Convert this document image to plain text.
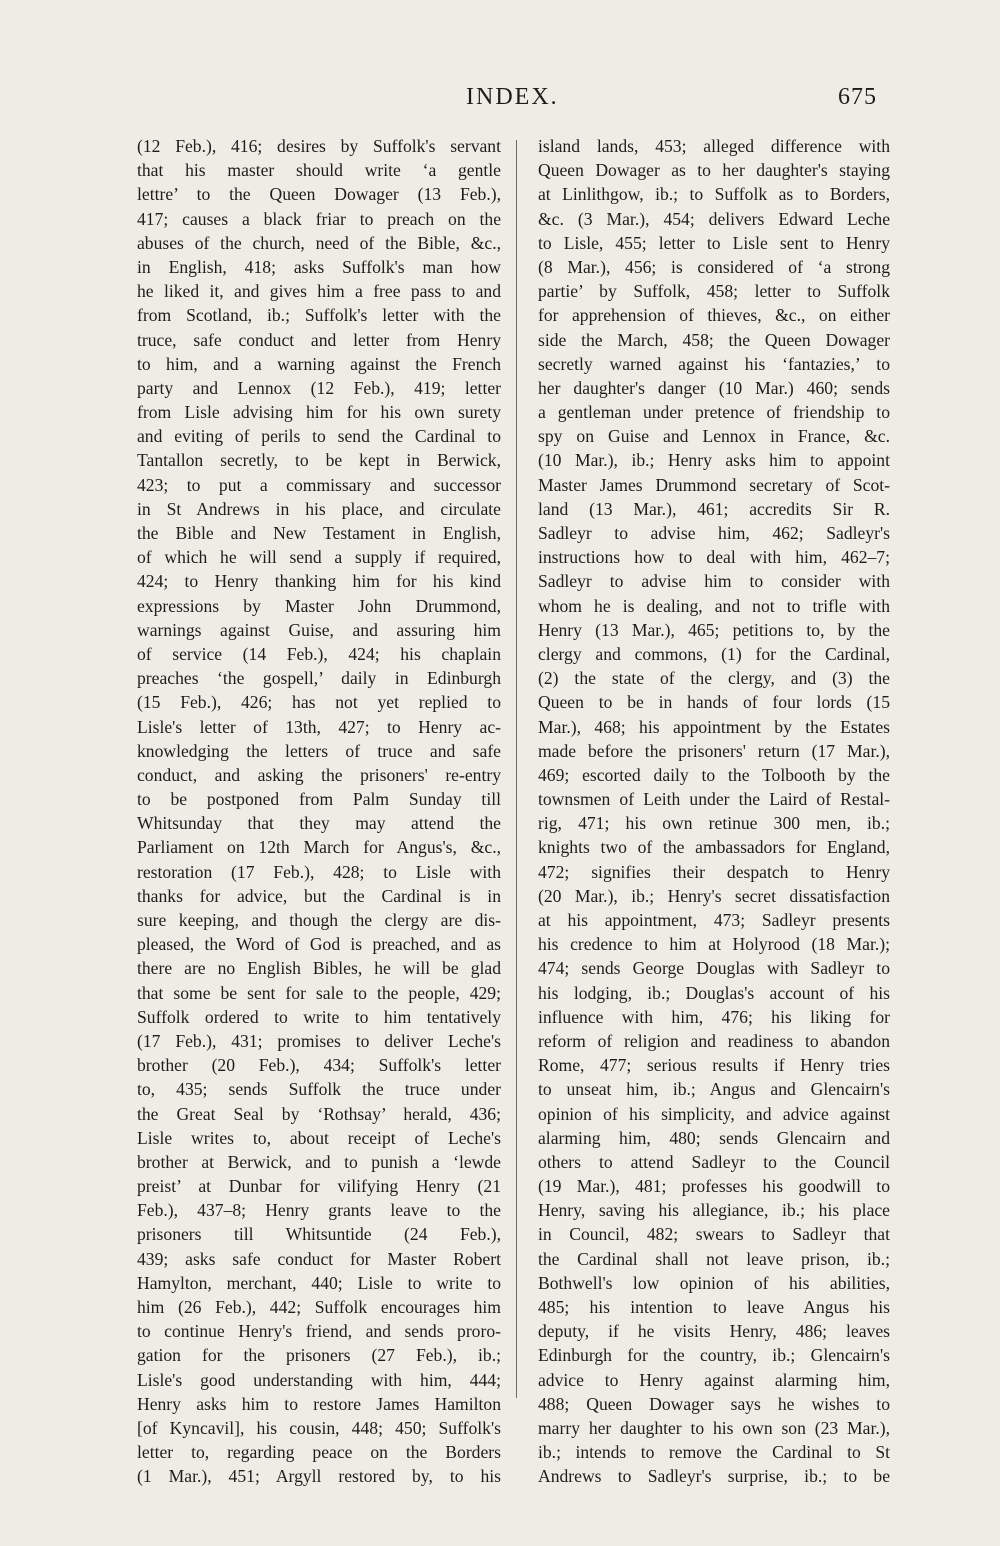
INDEX.	675
(12 Feb.), 416; desires by Suffolk's servant
that his master should write ‘a gentle
lettre’ to the Queen Dowager (13 Feb.),
417; causes a black friar to preach on the
abuses of the church, need of the Bible, &c.,
in English, 418; asks Suffolk's man how
he liked it, and gives him a free pass to and
from Scotland, ib.; Suffolk's letter with the
truce, safe conduct and letter from Henry
to him, and a warning against the French
party and Lennox (12 Feb.), 419; letter
from Lisle advising him for his own surety
and eviting of perils to send the Cardinal to
Tantallon secretly, to be kept in Berwick,
423; to put a commissary and successor
in St Andrews in his place, and circulate
the Bible and New Testament in English,
of which he will send a supply if required,
424; to Henry thanking him for his kind
expressions by Master John Drummond,
warnings against Guise, and assuring him
of service (14 Feb.), 424; his chaplain
preaches ‘the gospell,’ daily in Edinburgh
(15 Feb.), 426; has not yet replied to
Lisle's letter of 13th, 427; to Henry ac-
knowledging the letters of truce and safe
conduct, and asking the prisoners' re-entry
to be postponed from Palm Sunday till
Whitsunday that they may attend the
Parliament on 12th March for Angus's, &c.,
restoration (17 Feb.), 428; to Lisle with
thanks for advice, but the Cardinal is in
sure keeping, and though the clergy are dis-
pleased, the Word of God is preached, and as
there are no English Bibles, he will be glad
that some be sent for sale to the people, 429;
Suffolk ordered to write to him tentatively
(17 Feb.), 431; promises to deliver Leche's
brother (20 Feb.), 434; Suffolk's letter
to, 435; sends Suffolk the truce under
the Great Seal by ‘Rothsay’ herald, 436;
Lisle writes to, about receipt of Leche's
brother at Berwick, and to punish a ‘lewde
preist’ at Dunbar for vilifying Henry (21
Feb.), 437–8; Henry grants leave to the
prisoners till Whitsuntide (24 Feb.),
439; asks safe conduct for Master Robert
Hamylton, merchant, 440; Lisle to write to
him (26 Feb.), 442; Suffolk encourages him
to continue Henry's friend, and sends proro-
gation for the prisoners (27 Feb.), ib.;
Lisle's good understanding with him, 444;
Henry asks him to restore James Hamilton
[of Kyncavil], his cousin, 448; 450; Suffolk's
letter to, regarding peace on the Borders
(1 Mar.), 451; Argyll restored by, to his
island lands, 453; alleged difference with
Queen Dowager as to her daughter's staying
at Linlithgow, ib.; to Suffolk as to Borders,
&c. (3 Mar.), 454; delivers Edward Leche
to Lisle, 455; letter to Lisle sent to Henry
(8 Mar.), 456; is considered of ‘a strong
partie’ by Suffolk, 458; letter to Suffolk
for apprehension of thieves, &c., on either
side the March, 458; the Queen Dowager
secretly warned against his ‘fantazies,’ to
her daughter's danger (10 Mar.) 460; sends
a gentleman under pretence of friendship to
spy on Guise and Lennox in France, &c.
(10 Mar.), ib.; Henry asks him to appoint
Master James Drummond secretary of Scot-
land (13 Mar.), 461; accredits Sir R.
Sadleyr to advise him, 462; Sadleyr's
instructions how to deal with him, 462–7;
Sadleyr to advise him to consider with
whom he is dealing, and not to trifle with
Henry (13 Mar.), 465; petitions to, by the
clergy and commons, (1) for the Cardinal,
(2) the state of the clergy, and (3) the
Queen to be in hands of four lords (15
Mar.), 468; his appointment by the Estates
made before the prisoners' return (17 Mar.),
469; escorted daily to the Tolbooth by the
townsmen of Leith under the Laird of Restal-
rig, 471; his own retinue 300 men, ib.;
knights two of the ambassadors for England,
472; signifies their despatch to Henry
(20 Mar.), ib.; Henry's secret dissatisfaction
at his appointment, 473; Sadleyr presents
his credence to him at Holyrood (18 Mar.);
474; sends George Douglas with Sadleyr to
his lodging, ib.; Douglas's account of his
influence with him, 476; his liking for
reform of religion and readiness to abandon
Rome, 477; serious results if Henry tries
to unseat him, ib.; Angus and Glencairn's
opinion of his simplicity, and advice against
alarming him, 480; sends Glencairn and
others to attend Sadleyr to the Council
(19 Mar.), 481; professes his goodwill to
Henry, saving his allegiance, ib.; his place
in Council, 482; swears to Sadleyr that
the Cardinal shall not leave prison, ib.;
Bothwell's low opinion of his abilities,
485; his intention to leave Angus his
deputy, if he visits Henry, 486; leaves
Edinburgh for the country, ib.; Glencairn's
advice to Henry against alarming him,
488; Queen Dowager says he wishes to
marry her daughter to his own son (23 Mar.),
ib.; intends to remove the Cardinal to St
Andrews to Sadleyr's surprise, ib.; to be
